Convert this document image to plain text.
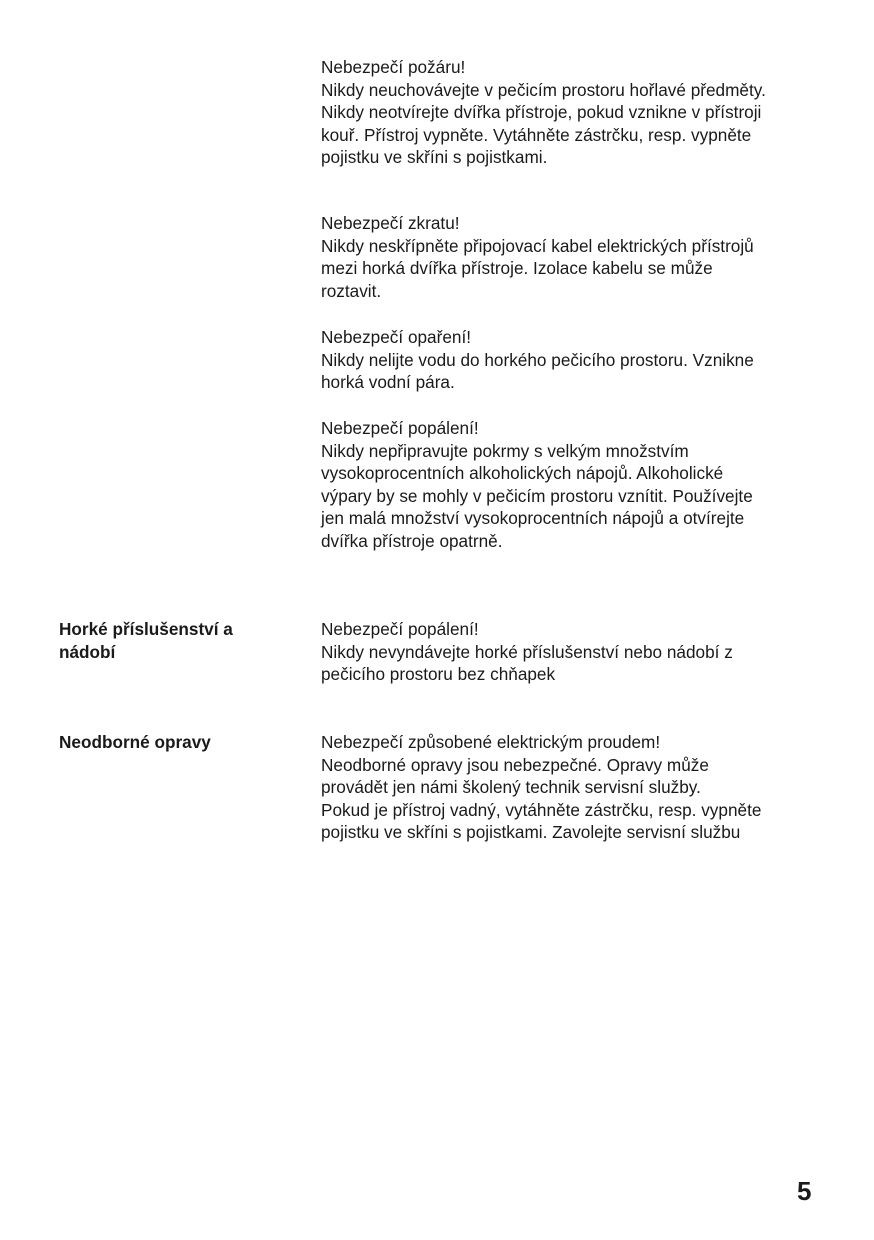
Nebezpečí požáru!
Nikdy neuchovávejte v pečicím prostoru hořlavé předměty.
Nikdy neotvírejte dvířka přístroje, pokud vznikne v přístroji
kouř. Přístroj vypněte. Vytáhněte zástrčku, resp. vypněte
pojistku ve skříni s pojistkami.
Nebezpečí zkratu!
Nikdy neskřípněte připojovací kabel elektrických přístrojů
mezi horká dvířka přístroje. Izolace kabelu se může
roztavit.
Nebezpečí opaření!
Nikdy nelijte vodu do horkého pečicího prostoru. Vznikne
horká vodní pára.
Nebezpečí popálení!
Nikdy nepřipravujte pokrmy s velkým množstvím
vysokoprocentních alkoholických nápojů. Alkoholické
výpary by se mohly v pečicím prostoru vznítit. Používejte
jen malá množství vysokoprocentních nápojů a otvírejte
dvířka přístroje opatrně.
Horké příslušenství a
nádobí
Nebezpečí popálení!
Nikdy nevyndávejte horké příslušenství nebo nádobí z
pečicího prostoru bez chňapek
Neodborné opravy	Nebezpečí způsobené elektrickým proudem!
Neodborné opravy jsou nebezpečné. Opravy může
provádět jen námi školený technik servisní služby.
Pokud je přístroj vadný, vytáhněte zástrčku, resp. vypněte
pojistku ve skříni s pojistkami. Zavolejte servisní službu
5
